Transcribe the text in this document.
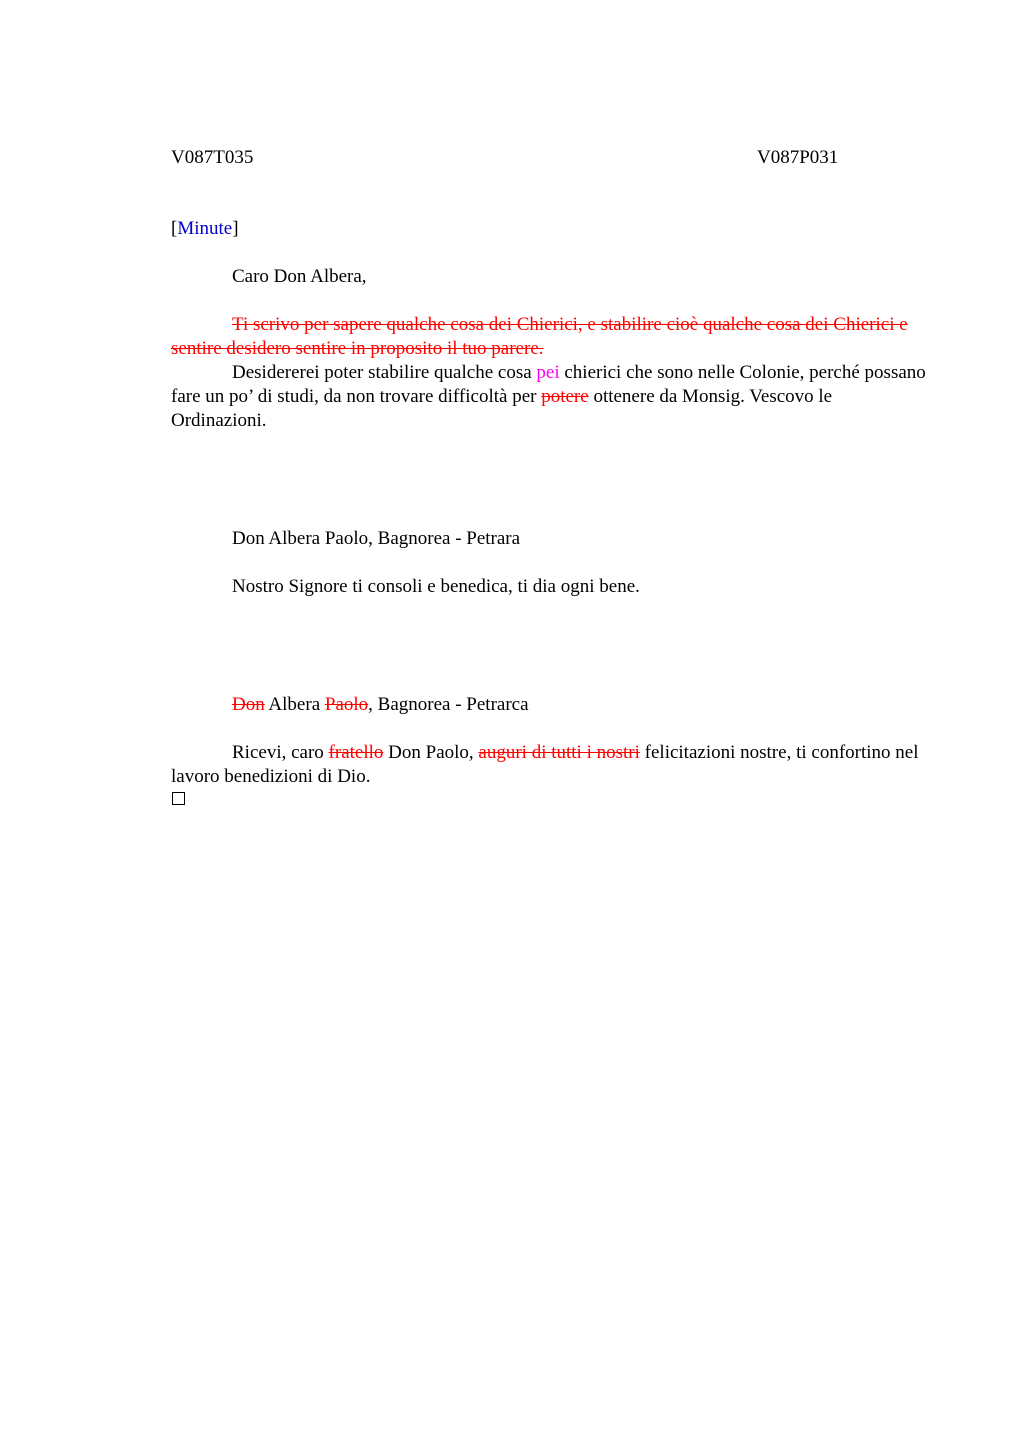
V087T035	V087P031
[Minute]
Caro Don Albera,
Ti scrivo per sapere qualche cosa dei Chierici, e stabilire cioè qualche cosa dei Chierici e sentire desidero sentire in proposito il tuo parere.
Desidererei poter stabilire qualche cosa pei chierici che sono nelle Colonie, perché possano fare un po’ di studi, da non trovare difficoltà per potere ottenere da Monsig. Vescovo le Ordinazioni.
Don Albera Paolo, Bagnorea - Petrara
Nostro Signore ti consoli e benedica, ti dia ogni bene.
Don Albera Paolo, Bagnorea - Petrarca
Ricevi, caro fratello Don Paolo, auguri di tutti i nostri felicitazioni nostre, ti confortino nel lavoro benedizioni di Dio.
